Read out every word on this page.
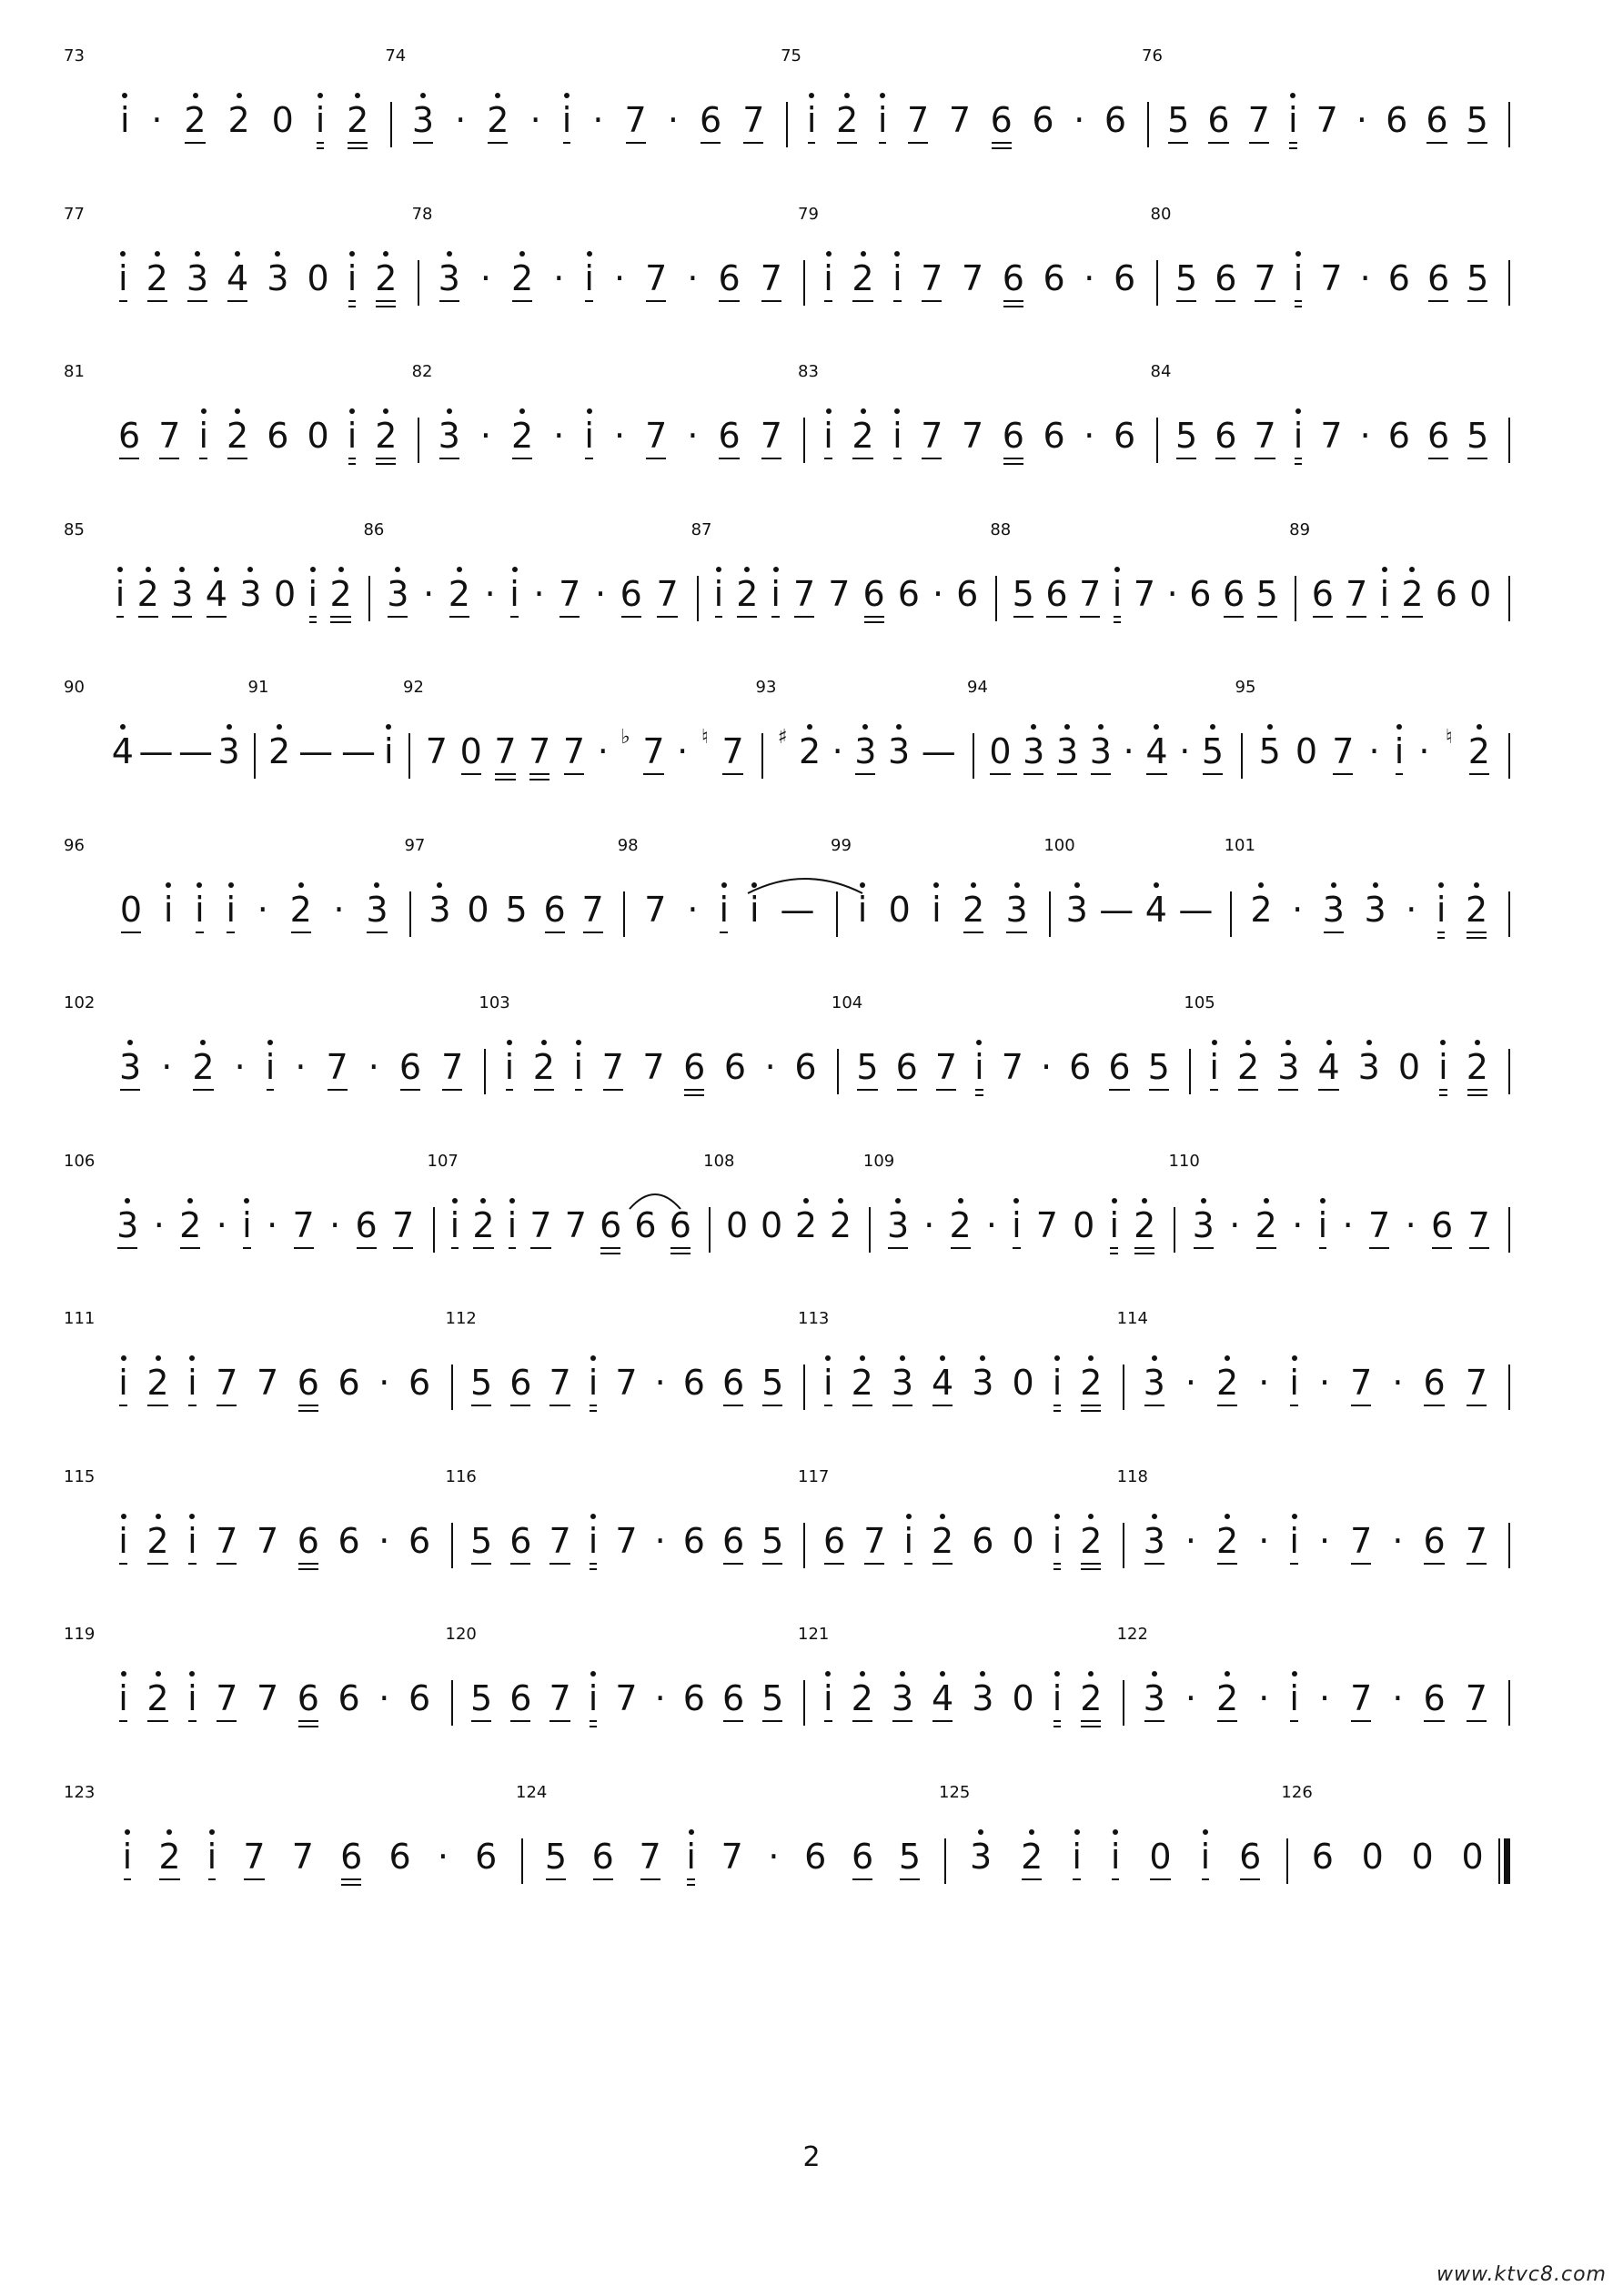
73
i · 2 2 0 i 2
74
3 · 2 · i · 7 · 6 7
75
i 2 i 7 7 6 6 · 6
76
5 6 7 i 7 · 6 6 5
77
i 2 3 4 3 0 i 2
78
3 · 2 · i · 7 · 6 7
79
i 2 i 7 7 6 6 · 6
80
5 6 7 i 7 · 6 6 5
81
6 7 i 2 6 0 i 2
82
3 · 2 · i · 7 · 6 7
83
i 2 i 7 7 6 6 · 6
84
5 6 7 i 7 · 6 6 5
85
i 2 3 4 3 0 i 2
86
3 · 2 · i · 7 · 6 7
87
i 2 i 7 7 6 6 · 6
88
5 6 7 i 7 · 6 6 5
89
6 7 i 2 6 0
90
4 — — 3
91
2 — — i
92
7 0 7 7 7 · ♭ 7 · ♮ 7
93
♯ 2 · 3 3 —
94
0 3 3 3 · 4 · 5
95
5 0 7 · i · ♮ 2
96
0 i i i · 2 · 3
97
3 0 5 6 7
98
7 · i i —
99
i 0 i 2 3
100
3 — 4 —
101
2 · 3 3 · i 2
102
3 · 2 · i · 7 · 6 7
103
i 2 i 7 7 6 6 · 6
104
5 6 7 i 7 · 6 6 5
105
i 2 3 4 3 0 i 2
106
3 · 2 · i · 7 · 6 7
107
i 2 i 7 7 6 6 6
108
0 0 2 2
109
3 · 2 · i 7 0 i 2
110
3 · 2 · i · 7 · 6 7
111
i 2 i 7 7 6 6 · 6
112
5 6 7 i 7 · 6 6 5
113
i 2 3 4 3 0 i 2
114
3 · 2 · i · 7 · 6 7
115
i 2 i 7 7 6 6 · 6
116
5 6 7 i 7 · 6 6 5
117
6 7 i 2 6 0 i 2
118
3 · 2 · i · 7 · 6 7
119
i 2 i 7 7 6 6 · 6
120
5 6 7 i 7 · 6 6 5
121
i 2 3 4 3 0 i 2
122
3 · 2 · i · 7 · 6 7
123
i 2 i 7 7 6 6 · 6
124
5 6 7 i 7 · 6 6 5
125
3 2 i i 0 i 6
126
6 0 0 0
2
www.ktvc8.com
